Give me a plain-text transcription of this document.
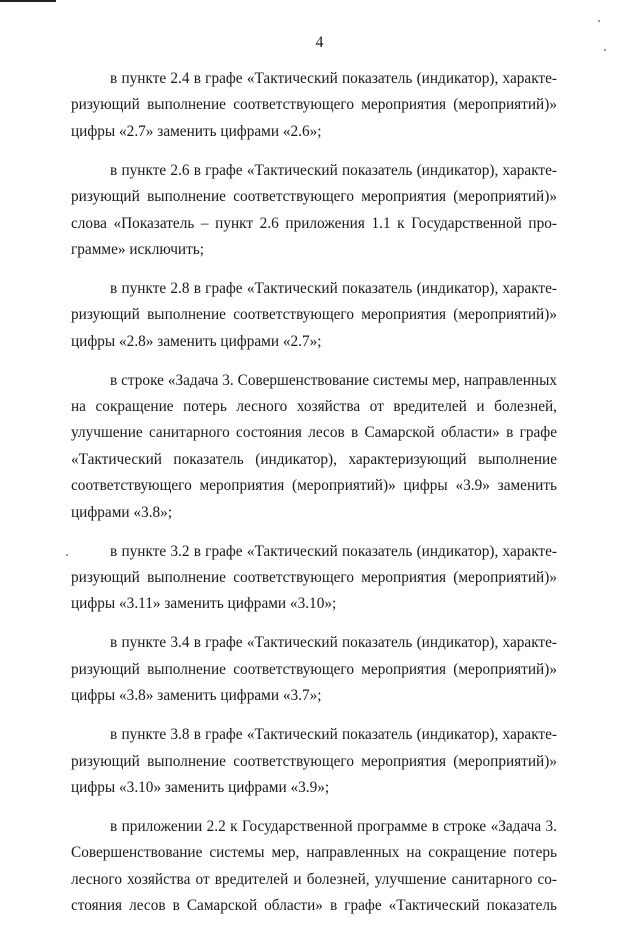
4
в пункте 2.4 в графе «Тактический показатель (индикатор), характе-
ризующий выполнение соответствующего мероприятия (мероприятий)»
цифры «2.7» заменить цифрами «2.6»;
в пункте 2.6 в графе «Тактический показатель (индикатор), характе-
ризующий выполнение соответствующего мероприятия (мероприятий)»
слова «Показатель – пункт 2.6 приложения 1.1 к Государственной про-
грамме» исключить;
в пункте 2.8 в графе «Тактический показатель (индикатор), характе-
ризующий выполнение соответствующего мероприятия (мероприятий)»
цифры «2.8» заменить цифрами «2.7»;
в строке «Задача 3. Совершенствование системы мер, направленных
на сокращение потерь лесного хозяйства от вредителей и болезней,
улучшение санитарного состояния лесов в Самарской области» в графе
«Тактический показатель (индикатор), характеризующий выполнение
соответствующего мероприятия (мероприятий)» цифры «3.9» заменить
цифрами «3.8»;
в пункте 3.2 в графе «Тактический показатель (индикатор), характе-
ризующий выполнение соответствующего мероприятия (мероприятий)»
цифры «3.11» заменить цифрами «3.10»;
в пункте 3.4 в графе «Тактический показатель (индикатор), характе-
ризующий выполнение соответствующего мероприятия (мероприятий)»
цифры «3.8» заменить цифрами «3.7»;
в пункте 3.8 в графе «Тактический показатель (индикатор), характе-
ризующий выполнение соответствующего мероприятия (мероприятий)»
цифры «3.10» заменить цифрами «3.9»;
в приложении 2.2 к Государственной программе в строке «Задача 3.
Совершенствование системы мер, направленных на сокращение потерь
лесного хозяйства от вредителей и болезней, улучшение санитарного со-
стояния лесов в Самарской области» в графе «Тактический показатель
